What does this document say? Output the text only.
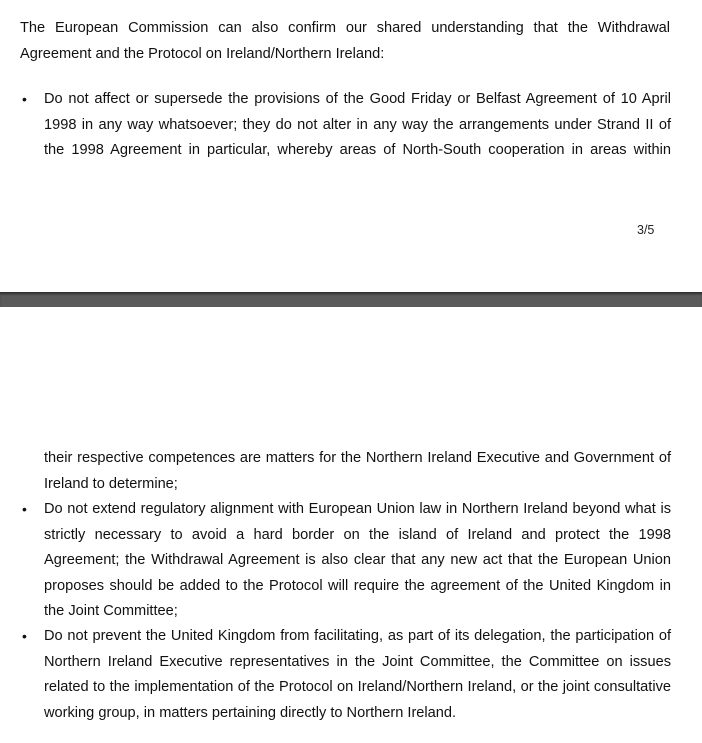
The European Commission can also confirm our shared understanding that the Withdrawal Agreement and the Protocol on Ireland/Northern Ireland:

• Do not affect or supersede the provisions of the Good Friday or Belfast Agreement of 10 April 1998 in any way whatsoever; they do not alter in any way the arrangements under Strand II of the 1998 Agreement in particular, whereby areas of North-South cooperation in areas within
3/5

their respective competences are matters for the Northern Ireland Executive and Government of Ireland to determine;

• Do not extend regulatory alignment with European Union law in Northern Ireland beyond what is strictly necessary to avoid a hard border on the island of Ireland and protect the 1998 Agreement; the Withdrawal Agreement is also clear that any new act that the European Union proposes should be added to the Protocol will require the agreement of the United Kingdom in the Joint Committee;
• Do not prevent the United Kingdom from facilitating, as part of its delegation, the participation of Northern Ireland Executive representatives in the Joint Committee, the Committee on issues related to the implementation of the Protocol on Ireland/Northern Ireland, or the joint consultative working group, in matters pertaining directly to Northern Ireland.
